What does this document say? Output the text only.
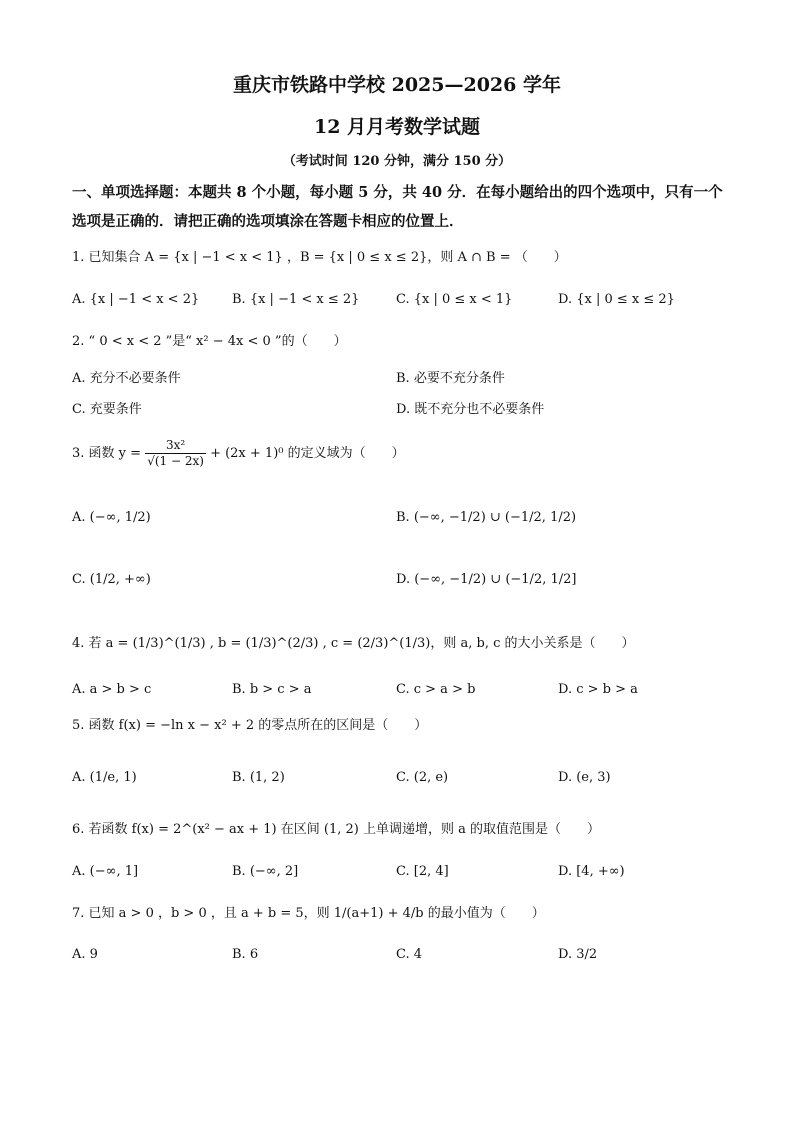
重庆市铁路中学校 2025—2026 学年
12 月月考数学试题
（考试时间 120 分钟，满分 150 分）
一、单项选择题：本题共 8 个小题，每小题 5 分，共 40 分．在每小题给出的四个选项中，只有一个选项是正确的．请把正确的选项填涂在答题卡相应的位置上．
1. 已知集合 A = {x | −1 < x < 1} ，B = {x | 0 ≤ x ≤ 2}，则 A ∩ B = （　　）
A. {x | −1 < x < 2}	B. {x | −1 < x ≤ 2}	C. {x | 0 ≤ x < 1}	D. {x | 0 ≤ x ≤ 2}
2. “ 0 < x < 2 ”是“ x² − 4x < 0 ”的（　　）
A. 充分不必要条件	B. 必要不充分条件
C. 充要条件	D. 既不充分也不必要条件
3. 函数 $y = \frac{\text{3x²}}{√(1 - 2x)} + (2x + 1)^0$ 的定义域为（　　）
A. (−∞, 1/2)	B. (−∞, −1/2) ∪ (−1/2, 1/2)
C. (1/2, +∞)	D. (−∞, −1/2) ∪ (−1/2, 1/2]
4. 若 a = (1/3)^(1/3) , b = (1/3)^(2/3) , c = (2/3)^(1/3)，则 a, b, c 的大小关系是（　　）
A. a > b > c	B. b > c > a	C. c > a > b	D. c > b > a
5. 函数 f(x) = −ln x − x² + 2 的零点所在的区间是（　　）
A. (1/e, 1)	B. (1, 2)	C. (2, e)	D. (e, 3)
6. 若函数 f(x) = 2^(x² − ax + 1) 在区间 (1, 2) 上单调递增，则 a 的取值范围是（　　）
A. (−∞, 1]	B. (−∞, 2]	C. [2, 4]	D. [4, +∞)
7. 已知 a > 0 ，b > 0 ，且 a + b = 5，则 1/(a+1) + 4/b 的最小值为（　　）
A. 9	B. 6	C. 4	D. 3/2
